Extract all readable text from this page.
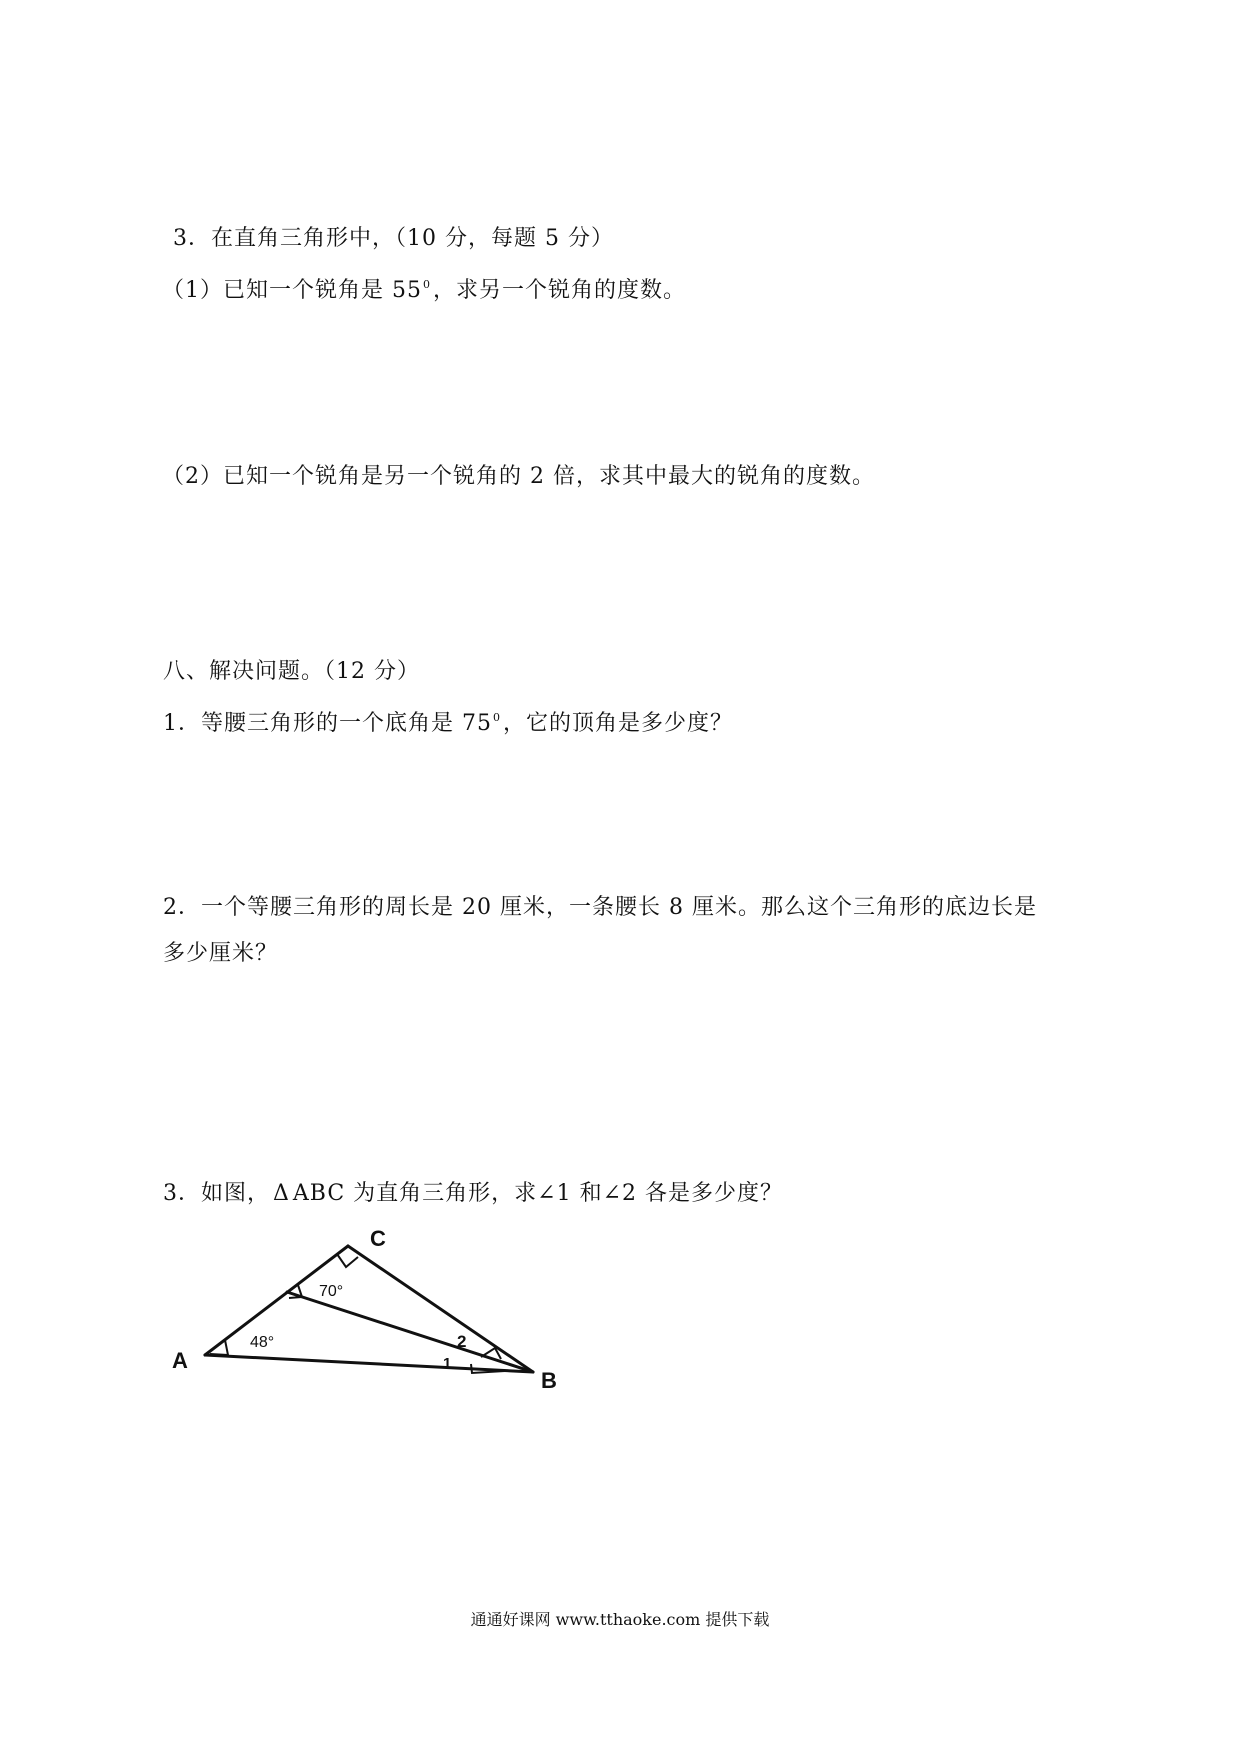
3．在直角三角形中，（10 分，每题 5 分）
（1）已知一个锐角是 $55^0$，求另一个锐角的度数。
（2）已知一个锐角是另一个锐角的 2 倍，求其中最大的锐角的度数。
八、解决问题。（12 分）
1．等腰三角形的一个底角是 $75^0$，它的顶角是多少度？
2．一个等腰三角形的周长是 20 厘米，一条腰长 8 厘米。那么这个三角形的底边长是
多少厘米？
3．如图， Δ ABC 为直角三角形，求∠1 和∠2 各是多少度？
A
B
C
48°
70°
1
2
通通好课网 www.tthaoke.com 提供下载
